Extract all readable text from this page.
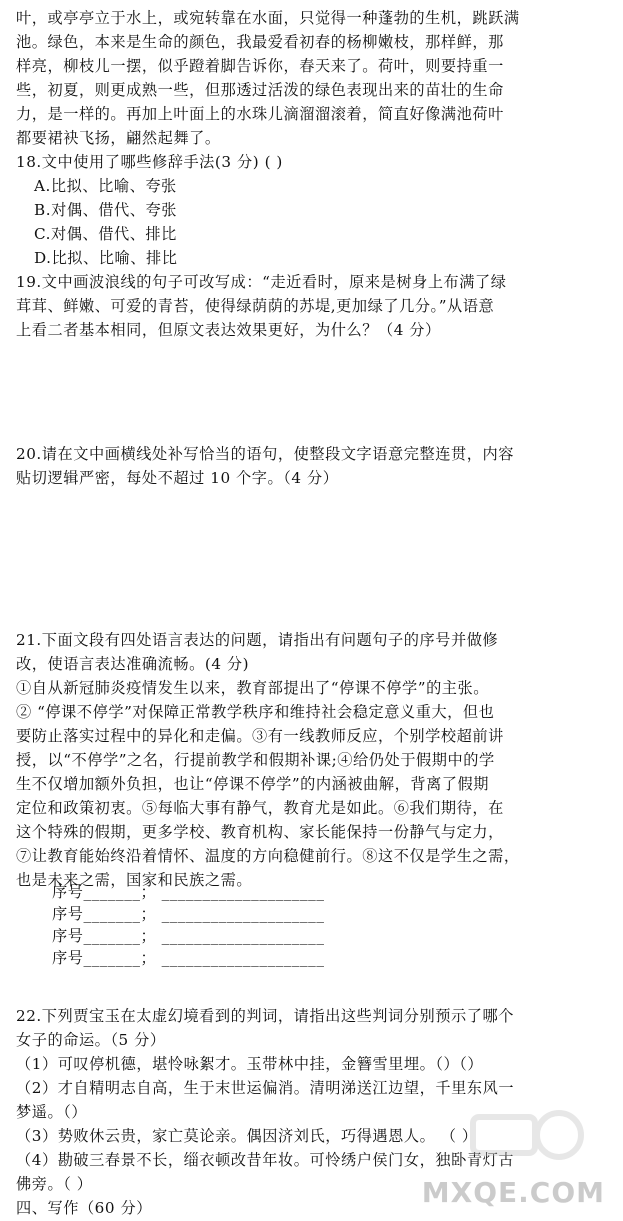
叶，或亭亭立于水上，或宛转靠在水面，只觉得一种蓬勃的生机，跳跃满
池。绿色，本来是生命的颜色，我最爱看初春的杨柳嫩枝，那样鲜，那
样亮，柳枝儿一摆，似乎蹬着脚告诉你，春天来了。荷叶，则要持重一
些，初夏，则更成熟一些，但那透过活泼的绿色表现出来的苗壮的生命
力，是一样的。再加上叶面上的水珠儿滴溜溜滚着，简直好像满池荷叶
都要裙袂飞扬，翩然起舞了。
18.文中使用了哪些修辞手法(3 分) ( )
A.比拟、比喻、夸张
B.对偶、借代、夸张
C.对偶、借代、排比
D.比拟、比喻、排比
19.文中画波浪线的句子可改写成：“走近看时，原来是树身上布满了绿
茸茸、鲜嫩、可爱的青苔，使得绿荫荫的苏堤,更加绿了几分。”从语意
上看二者基本相同，但原文表达效果更好，为什么？（4 分）
20.请在文中画横线处补写恰当的语句，使整段文字语意完整连贯，内容
贴切逻辑严密，每处不超过 10 个字。（4 分）
21.下面文段有四处语言表达的问题，请指出有问题句子的序号并做修
改，使语言表达准确流畅。(4 分)
①自从新冠肺炎疫情发生以来，教育部提出了“停课不停学”的主张。
② “停课不停学”对保障正常教学秩序和维持社会稳定意义重大，但也
要防止落实过程中的异化和走偏。③有一线教师反应，个别学校超前讲
授，以“不停学”之名，行提前教学和假期补课;④给仍处于假期中的学
生不仅增加额外负担，也让“停课不停学”的内涵被曲解，背离了假期
定位和政策初衷。⑤每临大事有静气，教育尤是如此。⑥我们期待，在
这个特殊的假期，更多学校、教育机构、家长能保持一份静气与定力，
⑦让教育能始终沿着情怀、温度的方向稳健前行。⑧这不仅是学生之需，
也是未来之需，国家和民族之需。
序号_______； ____________________
序号_______； ____________________
序号_______； ____________________
序号_______； ____________________
22.下列贾宝玉在太虚幻境看到的判词，请指出这些判词分别预示了哪个
女子的命运。（5 分）
（1）可叹停机德，堪怜咏絮才。玉带林中挂，金簪雪里埋。（）（）
（2）才自精明志自高，生于末世运偏消。清明涕送江边望，千里东风一
梦遥。（）
（3）势败休云贵，家亡莫论亲。偶因济刘氏，巧得遇恩人。 （ ）
（4）勘破三春景不长，缁衣顿改昔年妆。可怜绣户侯门女，独卧青灯古
佛旁。（ ）
四、写作（60 分）	MXQE.COM
